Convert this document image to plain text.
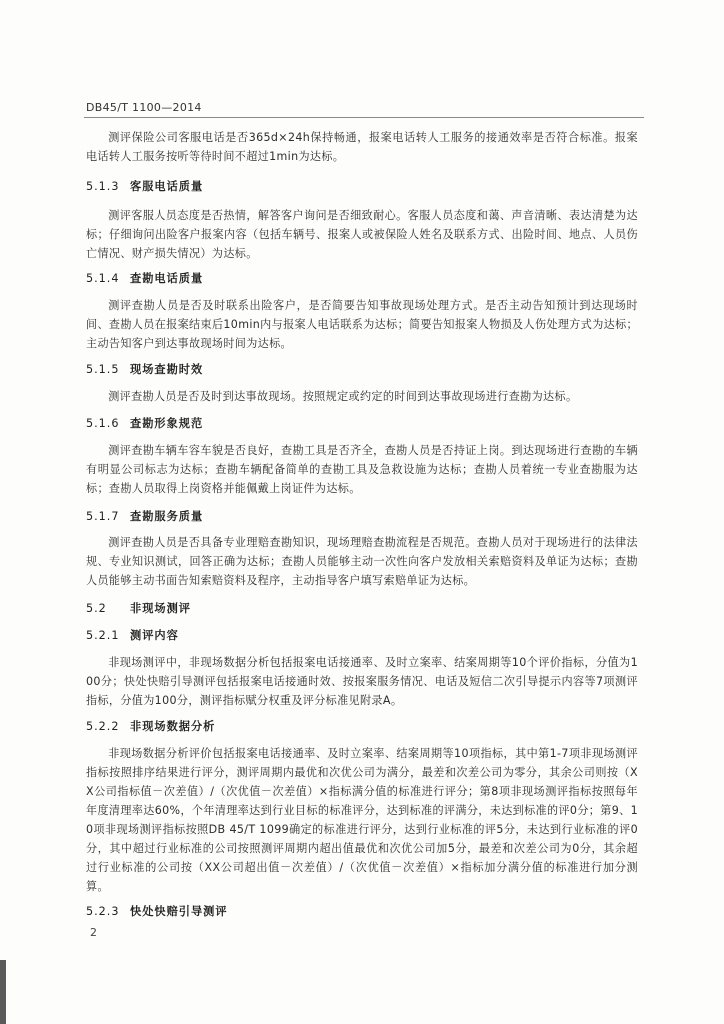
DB45/T 1100—2014

测评保险公司客服电话是否365d×24h保持畅通，报案电话转人工服务的接通效率是否符合标准。报案电话转人工服务按听等待时间不超过1min为达标。

5.1.3 客服电话质量

测评客服人员态度是否热情，解答客户询问是否细致耐心。客服人员态度和蔼、声音清晰、表达清楚为达标；仔细询问出险客户报案内容（包括车辆号、报案人或被保险人姓名及联系方式、出险时间、地点、人员伤亡情况、财产损失情况）为达标。

5.1.4 查勘电话质量

测评查勘人员是否及时联系出险客户，是否简要告知事故现场处理方式。是否主动告知预计到达现场时间、查勘人员在报案结束后10min内与报案人电话联系为达标；简要告知报案人物损及人伤处理方式为达标；主动告知客户到达事故现场时间为达标。

5.1.5 现场查勘时效

测评查勘人员是否及时到达事故现场。按照规定或约定的时间到达事故现场进行查勘为达标。

5.1.6 查勘形象规范

测评查勘车辆车容车貌是否良好，查勘工具是否齐全，查勘人员是否持证上岗。到达现场进行查勘的车辆有明显公司标志为达标；查勘车辆配备简单的查勘工具及急救设施为达标；查勘人员着统一专业查勘服为达标；查勘人员取得上岗资格并能佩戴上岗证件为达标。

5.1.7 查勘服务质量

测评查勘人员是否具备专业理赔查勘知识，现场理赔查勘流程是否规范。查勘人员对于现场进行的法律法规、专业知识测试，回答正确为达标；查勘人员能够主动一次性向客户发放相关索赔资料及单证为达标；查勘人员能够主动书面告知索赔资料及程序，主动指导客户填写索赔单证为达标。

5.2 非现场测评
5.2.1 测评内容

非现场测评中，非现场数据分析包括报案电话接通率、及时立案率、结案周期等10个评价指标，分值为100分；快处快赔引导测评包括报案电话接通时效、按报案服务情况、电话及短信二次引导提示内容等7项测评指标，分值为100分，测评指标赋分权重及评分标准见附录A。

5.2.2 非现场数据分析

非现场数据分析评价包括报案电话接通率、及时立案率、结案周期等10项指标，其中第1-7项非现场测评指标按照排序结果进行评分，测评周期内最优和次优公司为满分，最差和次差公司为零分，其余公司则按（XX公司指标值－次差值）/（次优值－次差值）×指标满分值的标准进行评分；第8项非现场测评指标按照每年年度清理率达60%，个年清理率达到行业目标的标准评分，达到标准的评满分，未达到标准的评0分；第9、10项非现场测评指标按照DB 45/T 1099确定的标准进行评分，达到行业标准的评5分，未达到行业标准的评0分，其中超过行业标准的公司按照测评周期内超出值最优和次优公司加5分，最差和次差公司为0分，其余超过行业标准的公司按（XX公司超出值－次差值）/（次优值－次差值）×指标加分满分值的标准进行加分测算。

5.2.3 快处快赔引导测评
2
